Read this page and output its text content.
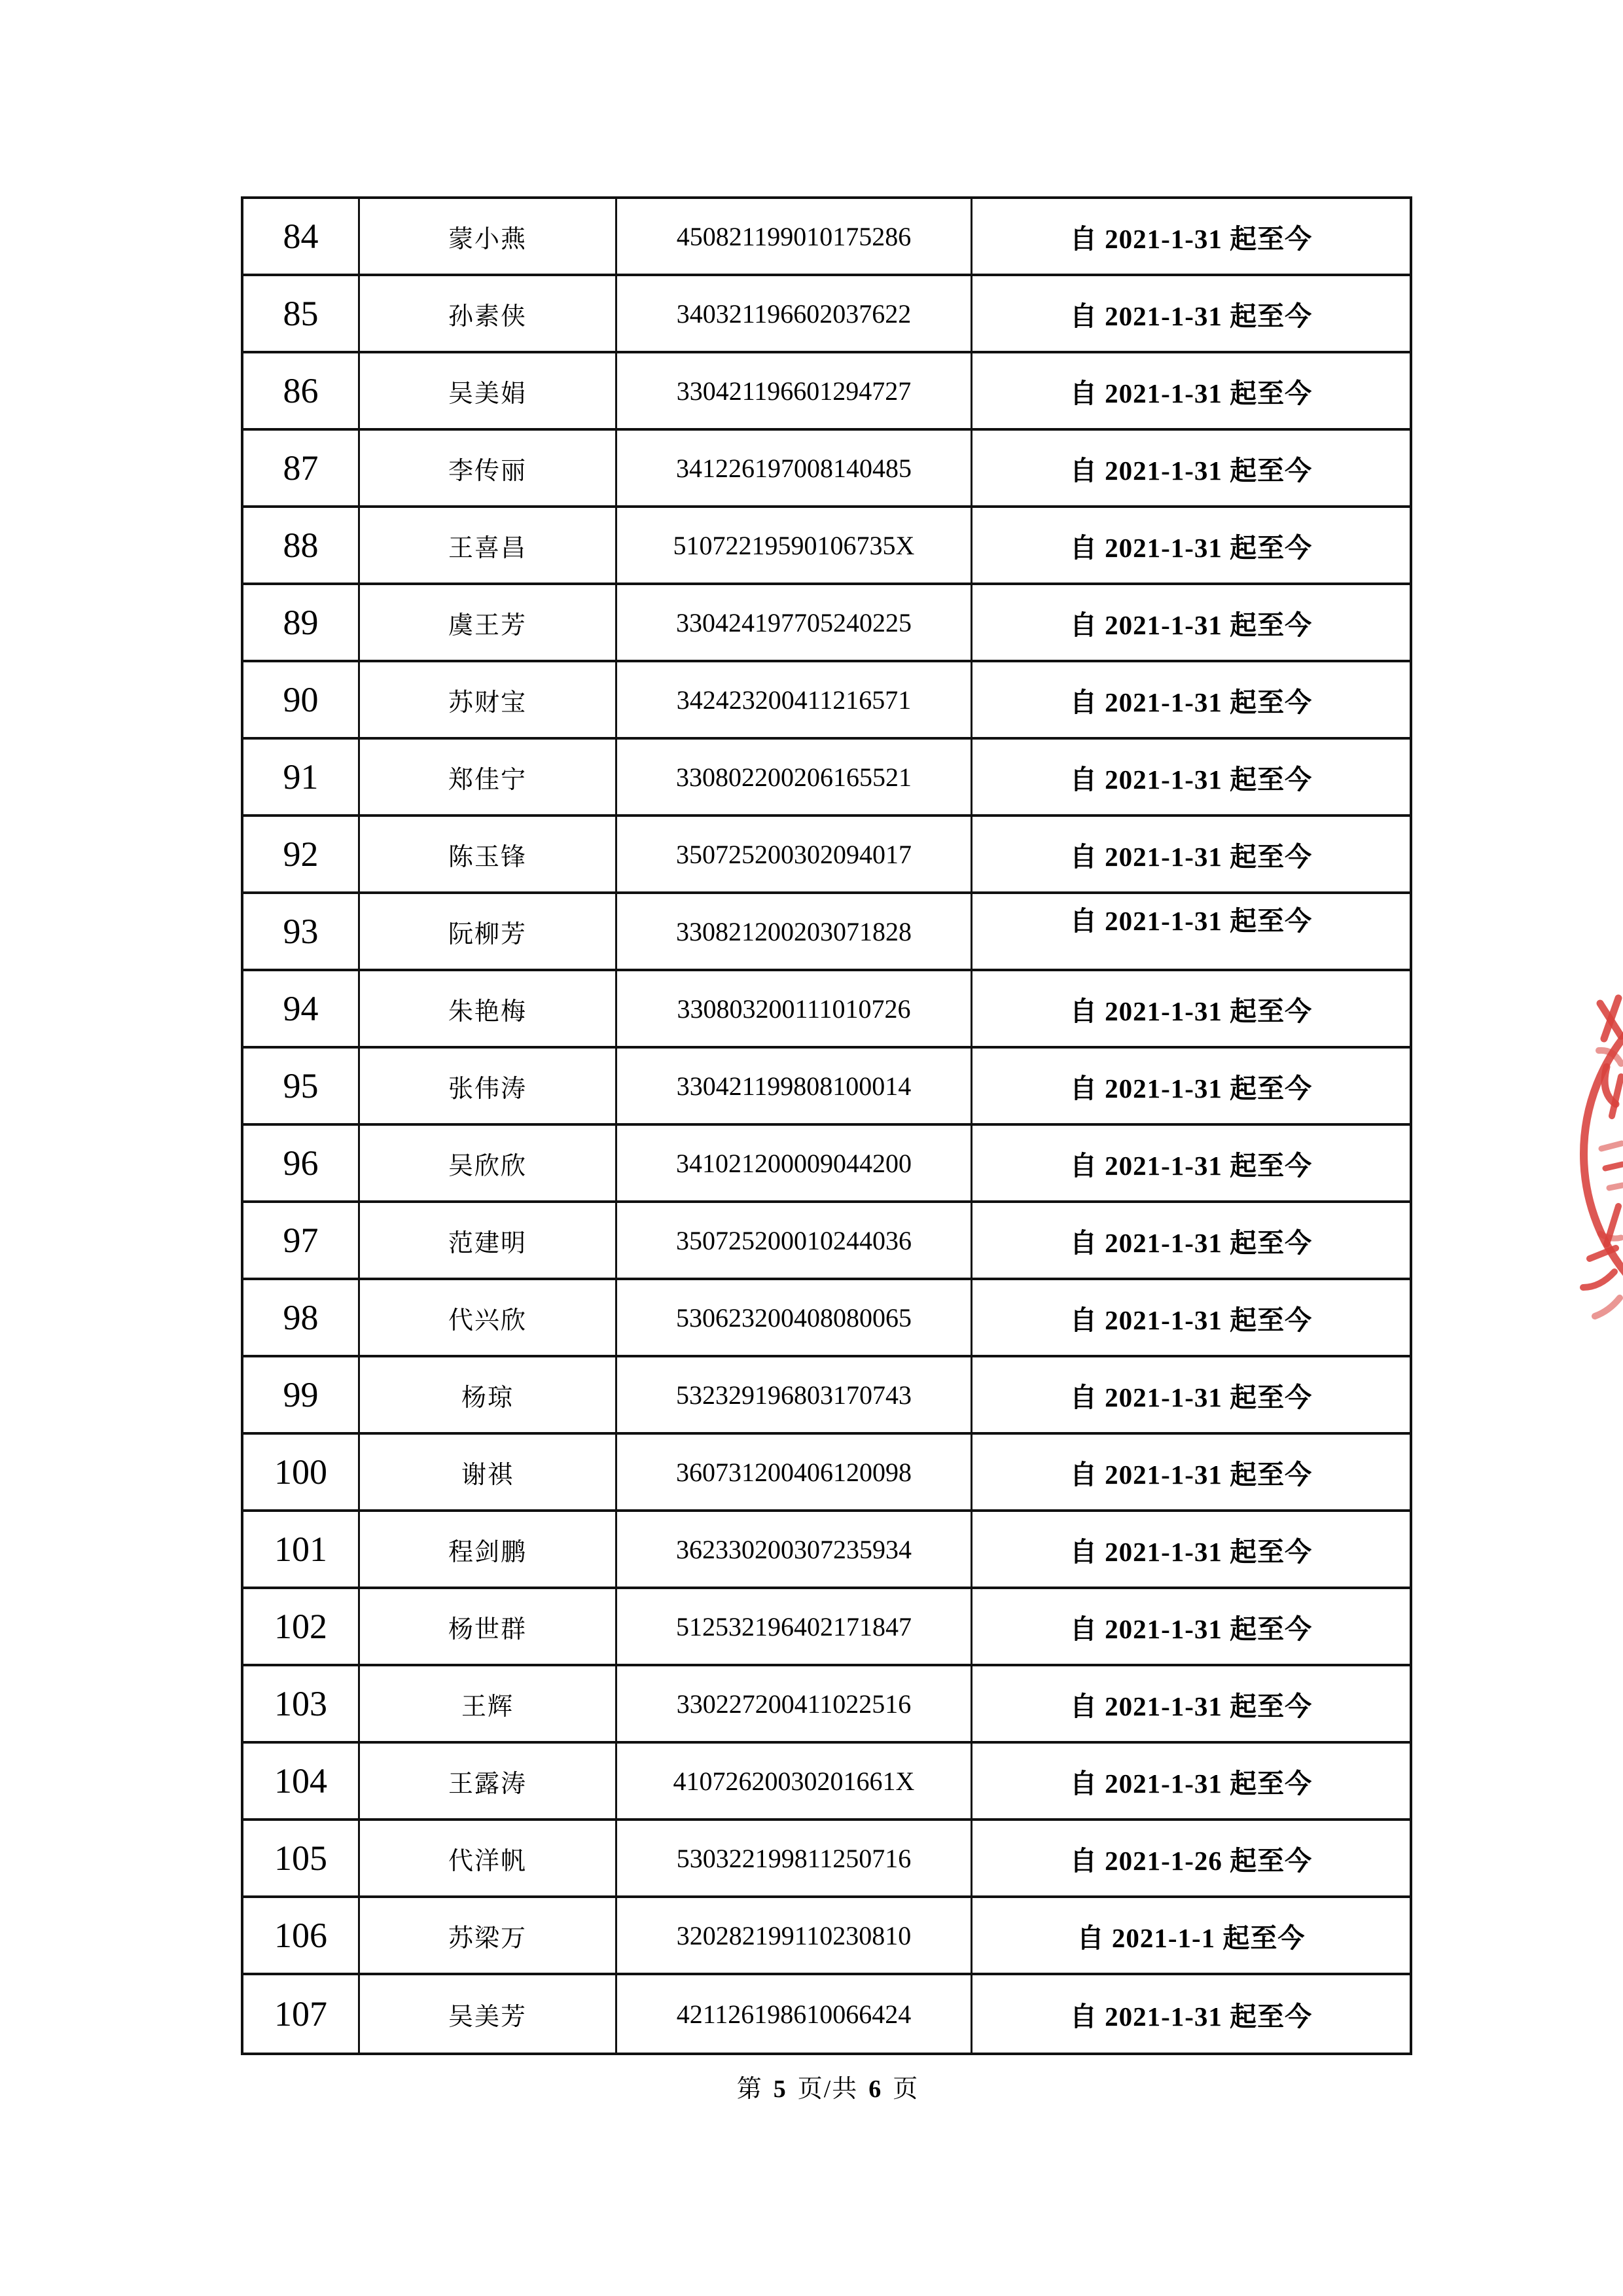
84	蒙小燕	450821199010175286	自 2021-1-31 起至今
85	孙素侠	340321196602037622	自 2021-1-31 起至今
86	吴美娟	330421196601294727	自 2021-1-31 起至今
87	李传丽	341226197008140485	自 2021-1-31 起至今
88	王喜昌	51072219590106735X	自 2021-1-31 起至今
89	虞王芳	330424197705240225	自 2021-1-31 起至今
90	苏财宝	342423200411216571	自 2021-1-31 起至今
91	郑佳宁	330802200206165521	自 2021-1-31 起至今
92	陈玉锋	350725200302094017	自 2021-1-31 起至今
93	阮柳芳	330821200203071828	自 2021-1-31 起至今
94	朱艳梅	330803200111010726	自 2021-1-31 起至今
95	张伟涛	330421199808100014	自 2021-1-31 起至今
96	吴欣欣	341021200009044200	自 2021-1-31 起至今
97	范建明	350725200010244036	自 2021-1-31 起至今
98	代兴欣	530623200408080065	自 2021-1-31 起至今
99	杨琼	532329196803170743	自 2021-1-31 起至今
100	谢祺	360731200406120098	自 2021-1-31 起至今
101	程剑鹏	362330200307235934	自 2021-1-31 起至今
102	杨世群	512532196402171847	自 2021-1-31 起至今
103	王辉	330227200411022516	自 2021-1-31 起至今
104	王露涛	41072620030201661X	自 2021-1-31 起至今
105	代洋帆	530322199811250716	自 2021-1-26 起至今
106	苏梁万	320282199110230810	自 2021-1-1 起至今
107	吴美芳	421126198610066424	自 2021-1-31 起至今
第 5 页/共 6 页
